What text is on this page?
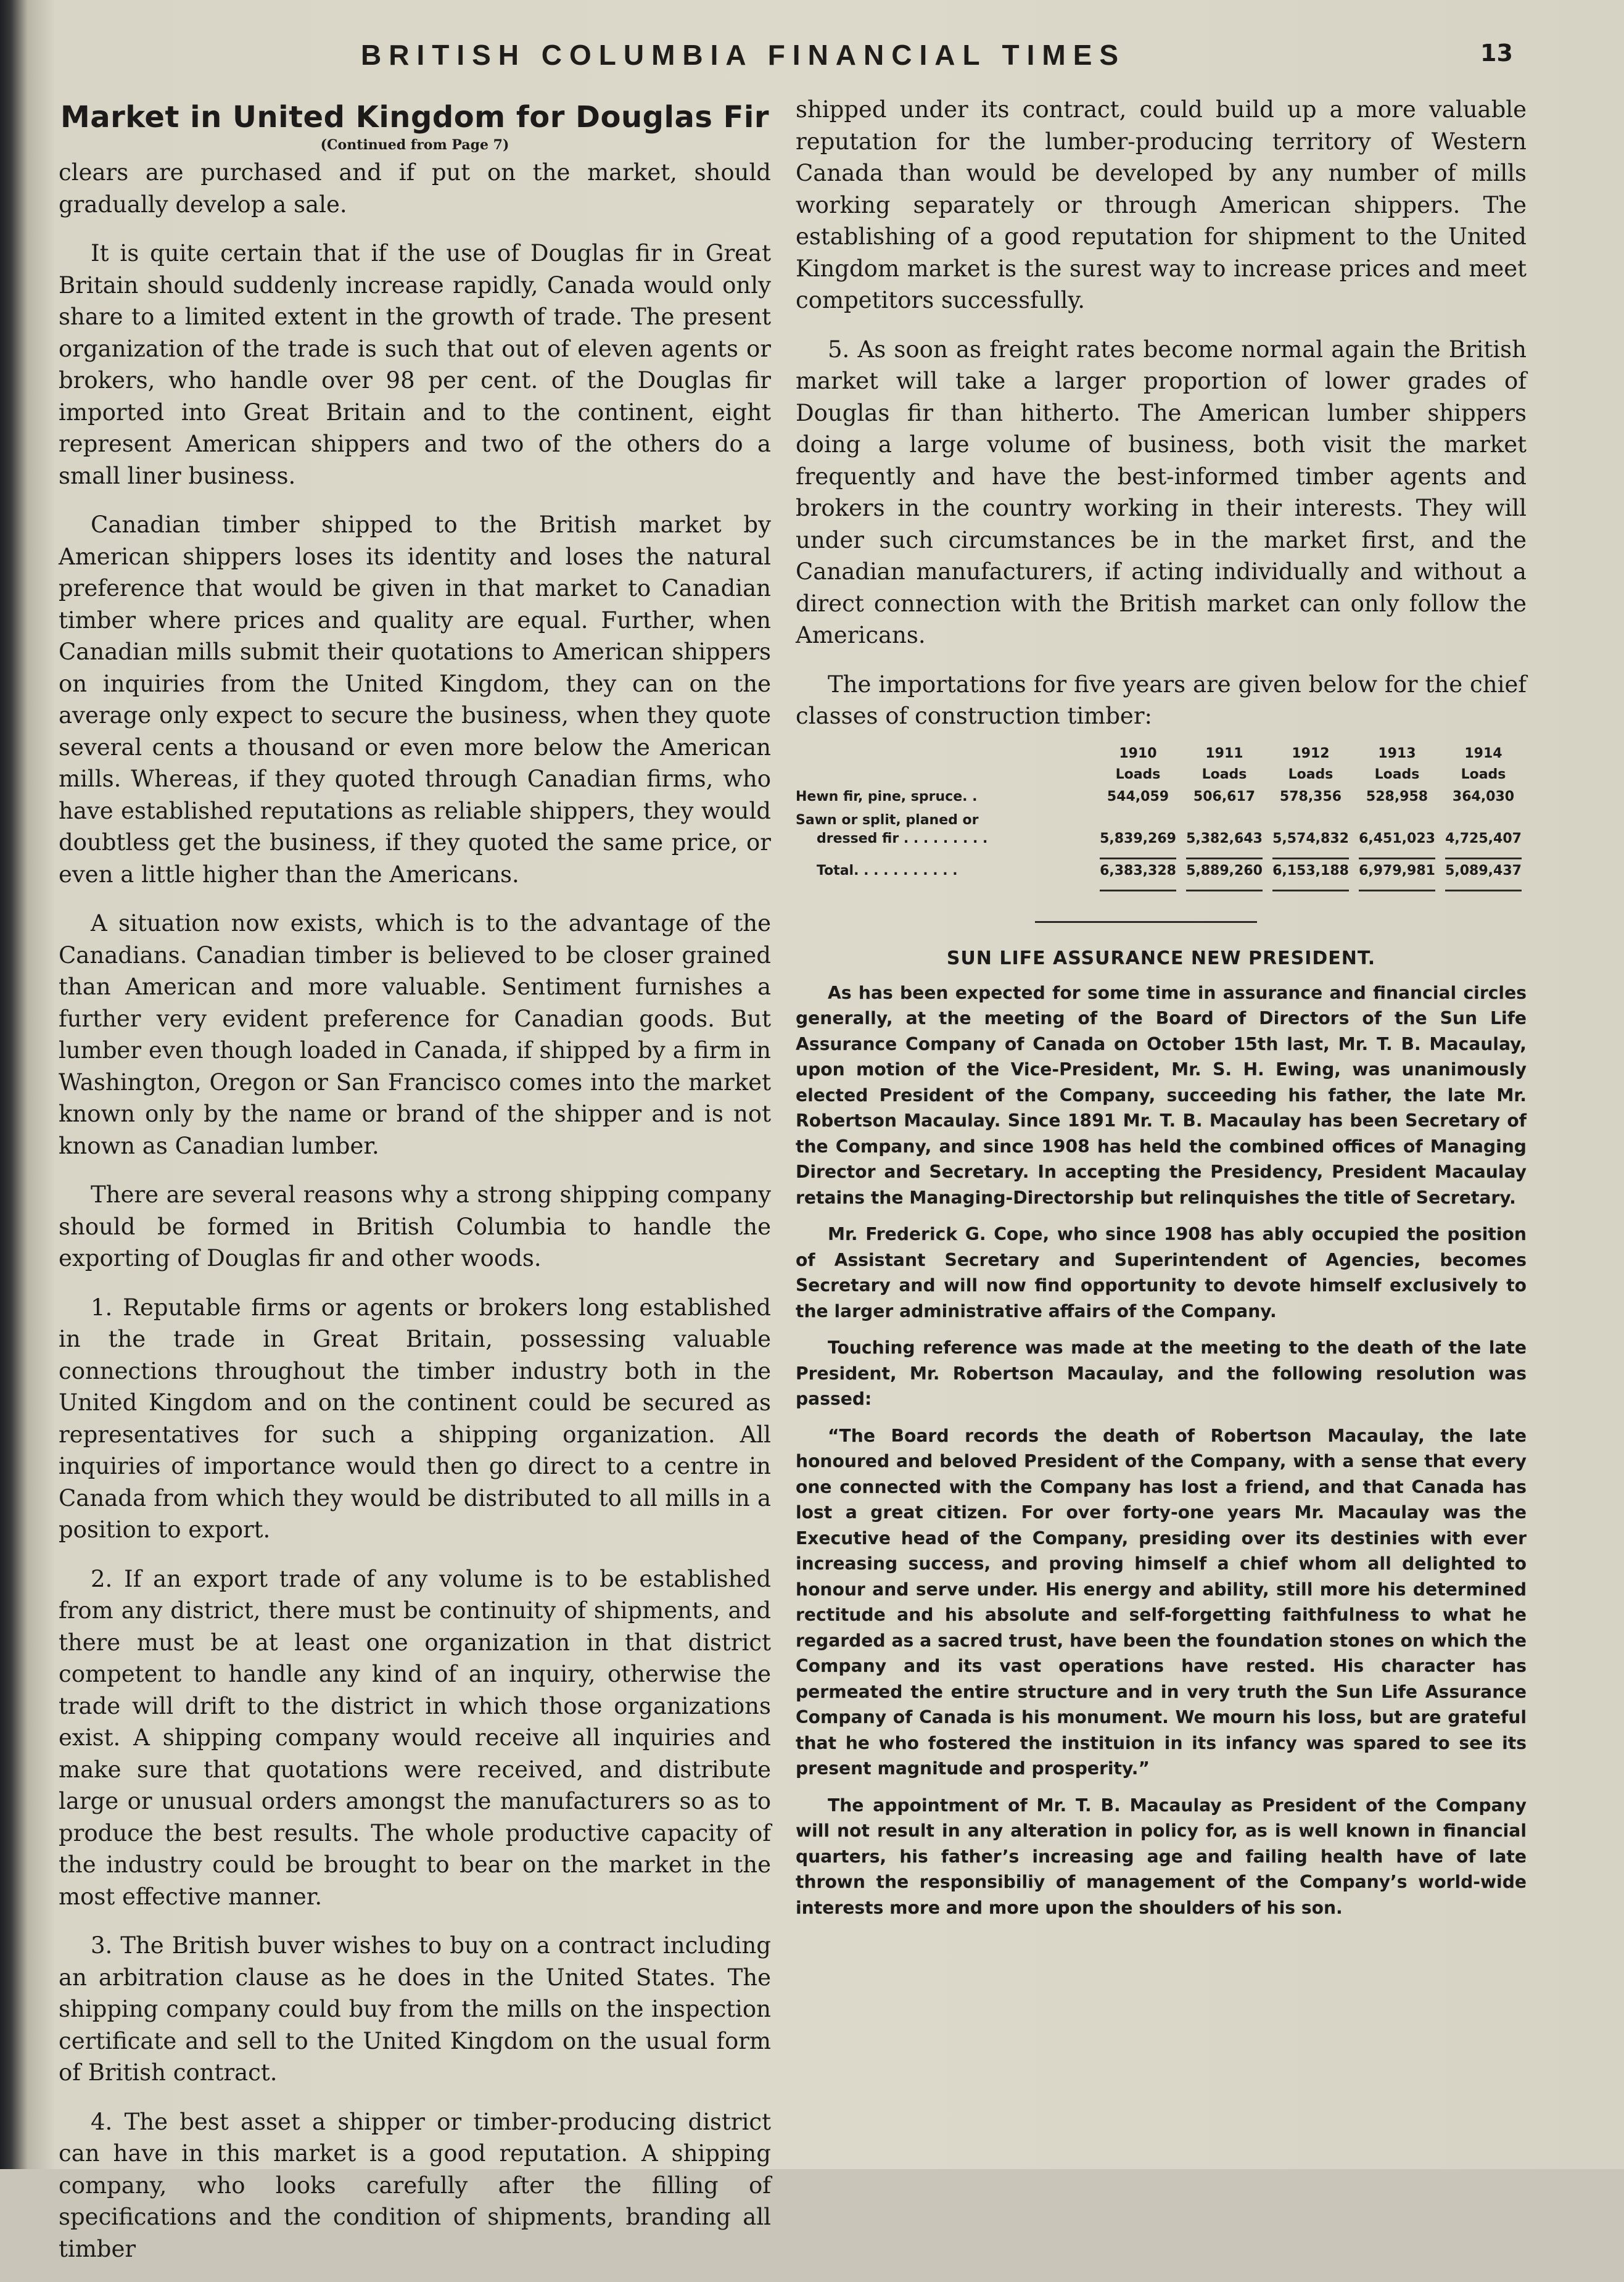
BRITISH COLUMBIA FINANCIAL TIMES	13
Market in United Kingdom for Douglas Fir
(Continued from Page 7)

clears are purchased and if put on the market, should gradually develop a sale.

It is quite certain that if the use of Douglas fir in Great Britain should suddenly increase rapidly, Canada would only share to a limited extent in the growth of trade. The present organization of the trade is such that out of eleven agents or brokers, who handle over 98 per cent. of the Douglas fir imported into Great Britain and to the continent, eight represent American shippers and two of the others do a small liner business.

Canadian timber shipped to the British market by American shippers loses its identity and loses the natural preference that would be given in that market to Canadian timber where prices and quality are equal. Further, when Canadian mills submit their quotations to American shippers on inquiries from the United Kingdom, they can on the average only expect to secure the business, when they quote several cents a thousand or even more below the American mills. Whereas, if they quoted through Canadian firms, who have established reputations as reliable shippers, they would doubtless get the business, if they quoted the same price, or even a little higher than the Americans.

A situation now exists, which is to the advantage of the Canadians. Canadian timber is believed to be closer grained than American and more valuable. Sentiment furnishes a further very evident preference for Canadian goods. But lumber even though loaded in Canada, if shipped by a firm in Washington, Oregon or San Francisco comes into the market known only by the name or brand of the shipper and is not known as Canadian lumber.

There are several reasons why a strong shipping company should be formed in British Columbia to handle the exporting of Douglas fir and other woods.

1. Reputable firms or agents or brokers long established in the trade in Great Britain, possessing valuable connections throughout the timber industry both in the United Kingdom and on the continent could be secured as representatives for such a shipping organization. All inquiries of importance would then go direct to a centre in Canada from which they would be distributed to all mills in a position to export.

2. If an export trade of any volume is to be established from any district, there must be continuity of shipments, and there must be at least one organization in that district competent to handle any kind of an inquiry, otherwise the trade will drift to the district in which those organizations exist. A shipping company would receive all inquiries and make sure that quotations were received, and distribute large or unusual orders amongst the manufacturers so as to produce the best results. The whole productive capacity of the industry could be brought to bear on the market in the most effective manner.

3. The British buver wishes to buy on a contract including an arbitration clause as he does in the United States. The shipping company could buy from the mills on the inspection certificate and sell to the United Kingdom on the usual form of British contract.

4. The best asset a shipper or timber-producing district can have in this market is a good reputation. A shipping company, who looks carefully after the filling of specifications and the condition of shipments, branding all timber

shipped under its contract, could build up a more valuable reputation for the lumber-producing territory of Western Canada than would be developed by any number of mills working separately or through American shippers. The establishing of a good reputation for shipment to the United Kingdom market is the surest way to increase prices and meet competitors successfully.

5. As soon as freight rates become normal again the British market will take a larger proportion of lower grades of Douglas fir than hitherto. The American lumber shippers doing a large volume of business, both visit the market frequently and have the best-informed timber agents and brokers in the country working in their interests. They will under such circumstances be in the market first, and the Canadian manufacturers, if acting individually and without a direct connection with the British market can only follow the Americans.

The importations for five years are given below for the chief classes of construction timber:

	1910	1911	1912	1913	1914
	Loads	Loads	Loads	Loads	Loads
Hewn fir, pine, spruce. .	544,059	506,617	578,356	528,958	364,030

Sawn or split, planed or
dressed fir . . . . . . . . .	5,839,269	5,382,643	5,574,832	6,451,023	4,725,407

Total. . . . . . . . . . .	6,383,328	5,889,260	6,153,188	6,979,981	5,089,437

SUN LIFE ASSURANCE NEW PRESIDENT.

As has been expected for some time in assurance and financial circles generally, at the meeting of the Board of Directors of the Sun Life Assurance Company of Canada on October 15th last, Mr. T. B. Macaulay, upon motion of the Vice-President, Mr. S. H. Ewing, was unanimously elected President of the Company, succeeding his father, the late Mr. Robertson Macaulay. Since 1891 Mr. T. B. Macaulay has been Secretary of the Company, and since 1908 has held the combined offices of Managing Director and Secretary. In accepting the Presidency, President Macaulay retains the Managing-Directorship but relinquishes the title of Secretary.

Mr. Frederick G. Cope, who since 1908 has ably occupied the position of Assistant Secretary and Superintendent of Agencies, becomes Secretary and will now find opportunity to devote himself exclusively to the larger administrative affairs of the Company.

Touching reference was made at the meeting to the death of the late President, Mr. Robertson Macaulay, and the following resolution was passed:

“The Board records the death of Robertson Macaulay, the late honoured and beloved President of the Company, with a sense that every one connected with the Company has lost a friend, and that Canada has lost a great citizen. For over forty-one years Mr. Macaulay was the Executive head of the Company, presiding over its destinies with ever increasing success, and proving himself a chief whom all delighted to honour and serve under. His energy and ability, still more his determined rectitude and his absolute and self-forgetting faithfulness to what he regarded as a sacred trust, have been the foundation stones on which the Company and its vast operations have rested. His character has permeated the entire structure and in very truth the Sun Life Assurance Company of Canada is his monument. We mourn his loss, but are grateful that he who fostered the instituion in its infancy was spared to see its present magnitude and prosperity.”

The appointment of Mr. T. B. Macaulay as President of the Company will not result in any alteration in policy for, as is well known in financial quarters, his father’s increasing age and failing health have of late thrown the responsibiliy of management of the Company’s world-wide interests more and more upon the shoulders of his son.
